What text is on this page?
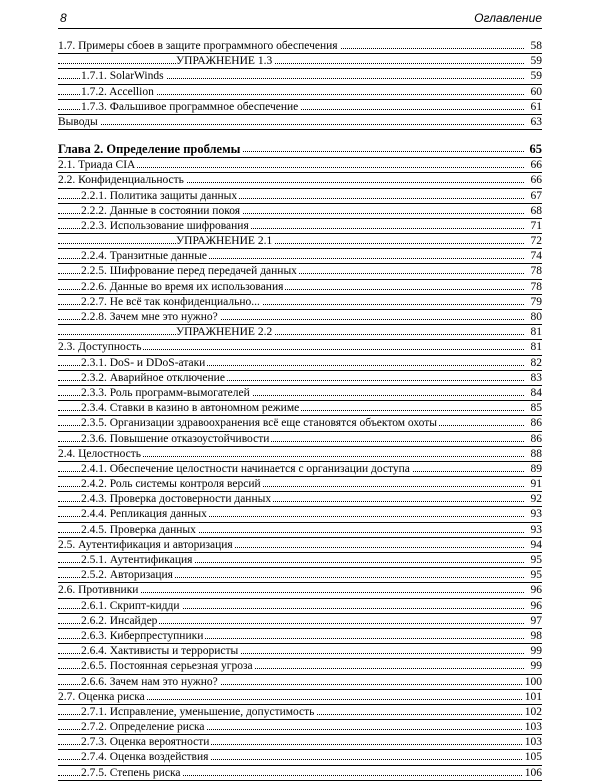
8	Оглавление
1.7. Примеры сбоев в защите программного обеспечения	58
УПРАЖНЕНИЕ 1.3	59
1.7.1. SolarWinds	59
1.7.2. Accellion	60
1.7.3. Фальшивое программное обеспечение	61
Выводы	63
Глава 2. Определение проблемы	65
2.1. Триада CIA	66
2.2. Конфиденциальность	66
2.2.1. Политика защиты данных	67
2.2.2. Данные в состоянии покоя	68
2.2.3. Использование шифрования	71
УПРАЖНЕНИЕ 2.1	72
2.2.4. Транзитные данные	74
2.2.5. Шифрование перед передачей данных	78
2.2.6. Данные во время их использования	78
2.2.7. Не всё так конфиденциально...	79
2.2.8. Зачем мне это нужно?	80
УПРАЖНЕНИЕ 2.2	81
2.3. Доступность	81
2.3.1. DoS- и DDoS-атаки	82
2.3.2. Аварийное отключение	83
2.3.3. Роль программ-вымогателей	84
2.3.4. Ставки в казино в автономном режиме	85
2.3.5. Организации здравоохранения всё еще становятся объектом охоты	86
2.3.6. Повышение отказоустойчивости	86
2.4. Целостность	88
2.4.1. Обеспечение целостности начинается с организации доступа	89
2.4.2. Роль системы контроля версий	91
2.4.3. Проверка достоверности данных	92
2.4.4. Репликация данных	93
2.4.5. Проверка данных	93
2.5. Аутентификация и авторизация	94
2.5.1. Аутентификация	95
2.5.2. Авторизация	95
2.6. Противники	96
2.6.1. Скрипт-кидди	96
2.6.2. Инсайдер	97
2.6.3. Киберпреступники	98
2.6.4. Хактивисты и террористы	99
2.6.5. Постоянная серьезная угроза	99
2.6.6. Зачем нам это нужно?	100
2.7. Оценка риска	101
2.7.1. Исправление, уменьшение, допустимость	102
2.7.2. Определение риска	103
2.7.3. Оценка вероятности	103
2.7.4. Оценка воздействия	105
2.7.5. Степень риска	106
